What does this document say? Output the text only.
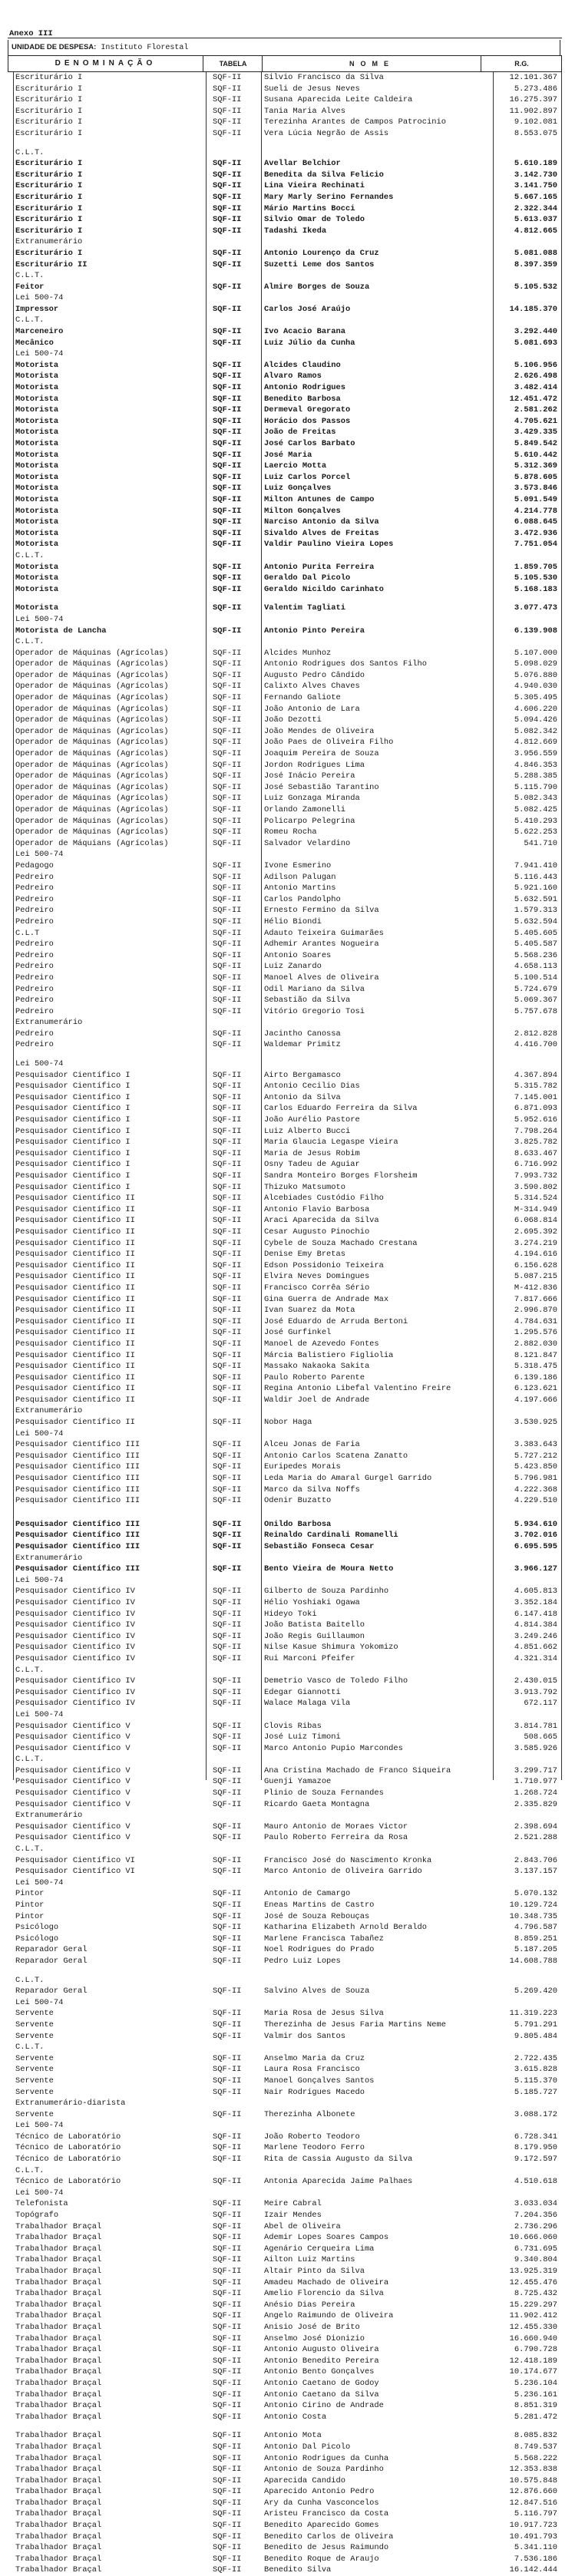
Anexo III
UNIDADE DE DESPESA: Instituto Florestal
DENOMINAÇÃO	TABELA	NOME	R.G.
Escriturário I	SQF-II	Silvio Francisco da Silva	12.101.367
Escriturário I	SQF-II	Sueli de Jesus Neves	5.273.486
Escriturário I	SQF-II	Susana Aparecida Leite Caldeira	16.275.397
Escriturário I	SQF-II	Tania Maria Alves	11.902.897
Escriturário I	SQF-II	Terezinha Arantes de Campos Patrocinio	9.102.081
Escriturário I	SQF-II	Vera Lúcia Negrão de Assis	8.553.075
C.L.T.
Escriturário I	SQF-II	Avellar Belchior	5.610.189
Escriturário I	SQF-II	Benedita da Silva Felicio	3.142.730
Escriturário I	SQF-II	Lina Vieira Rechinati	3.141.750
Escriturário I	SQF-II	Mary Marly Serino Fernandes	5.667.165
Escriturário I	SQF-II	Mário Martins Bocci	2.322.344
Escriturário I	SQF-II	Silvio Omar de Toledo	5.613.037
Escriturário I	SQF-II	Tadashi Ikeda	4.812.665
Extranumerário
Escriturário I	SQF-II	Antonio Lourenço da Cruz	5.081.088
Escriturário II	SQF-II	Suzetti Leme dos Santos	8.397.359
C.L.T.
Feitor	SQF-II	Almire Borges de Souza	5.105.532
Lei 500-74
Impressor	SQF-II	Carlos José Araújo	14.185.370
C.L.T.
Marceneiro	SQF-II	Ivo Acacio Barana	3.292.440
Mecânico	SQF-II	Luiz Júlio da Cunha	5.081.693
Lei 500-74
Motorista	SQF-II	Alcides Claudino	5.106.956
Motorista	SQF-II	Alvaro Ramos	2.626.498
Motorista	SQF-II	Antonio Rodrigues	3.482.414
Motorista	SQF-II	Benedito Barbosa	12.451.472
Motorista	SQF-II	Dermeval Gregorato	2.581.262
Motorista	SQF-II	Horácio dos Passos	4.705.621
Motorista	SQF-II	João de Freitas	3.429.335
Motorista	SQF-II	José Carlos Barbato	5.849.542
Motorista	SQF-II	José Maria	5.610.442
Motorista	SQF-II	Laercio Motta	5.312.369
Motorista	SQF-II	Luiz Carlos Porcel	5.878.605
Motorista	SQF-II	Luiz Gonçalves	3.573.846
Motorista	SQF-II	Milton Antunes de Campo	5.091.549
Motorista	SQF-II	Milton Gonçalves	4.214.778
Motorista	SQF-II	Narciso Antonio da Silva	6.088.645
Motorista	SQF-II	Sivaldo Alves de Freitas	3.472.936
Motorista	SQF-II	Valdir Paulino Vieira Lopes	7.751.054
C.L.T.
Motorista	SQF-II	Antonio Purita Ferreira	1.859.705
Motorista	SQF-II	Geraldo Dal Picolo	5.105.530
Motorista	SQF-II	Geraldo Nicildo Carinhato	5.168.183
Motorista	SQF-II	Valentim Tagliati	3.077.473
Lei 500-74
Motorista de Lancha	SQF-II	Antonio Pinto Pereira	6.139.908
C.L.T.
Operador de Máquinas (Agrícolas)	SQF-II	Alcides Munhoz	5.107.000
Operador de Máquinas (Agrícolas)	SQF-II	Antonio Rodrigues dos Santos Filho	5.098.029
Operador de Máquinas (Agrícolas)	SQF-II	Augusto Pedro Cândido	5.076.880
Operador de Máquinas (Agrícolas)	SQF-II	Calixto Alves Chaves	4.940.030
Operador de Máquinas (Agrícolas)	SQF-II	Fernando Galiote	5.305.495
Operador de Máquinas (Agrícolas)	SQF-II	João Antonio de Lara	4.606.220
Operador de Máquinas (Agrícolas)	SQF-II	João Dezotti	5.094.426
Operador de Máquinas (Agrícolas)	SQF-II	João Mendes de Oliveira	5.082.342
Operador de Máquinas (Agrícolas)	SQF-II	João Paes de Oliveira Filho	4.812.669
Operador de Máquinas (Agrícolas)	SQF-II	Joaquim Pereira de Souza	3.956.559
Operador de Máquinas (Agrícolas)	SQF-II	Jordon Rodrigues Lima	4.846.353
Operador de Máquinas (Agrícolas)	SQF-II	José Inácio Pereira	5.288.385
Operador de Máquinas (Agrícolas)	SQF-II	José Sebastião Tarantino	5.115.790
Operador de Máquinas (Agrícolas)	SQF-II	Luiz Gonzaga Miranda	5.082.343
Operador de Máquinas (Agrícolas)	SQF-II	Orlando Zamonelli	5.082.425
Operador de Máquinas (Agrícolas)	SQF-II	Policarpo Pelegrina	5.410.293
Operador de Máquinas (Agrícolas)	SQF-II	Romeu Rocha	5.622.253
Operador de Máquians (Agrícolas)	SQF-II	Salvador Velardino	541.710
Lei 500-74
Pedagogo	SQF-II	Ivone Esmerino	7.941.410
Pedreiro	SQF-II	Adilson Palugan	5.116.443
Pedreiro	SQF-II	Antonio Martins	5.921.160
Pedreiro	SQF-II	Carlos Pandolpho	5.632.591
Pedreiro	SQF-II	Ernesto Fermino da Silva	1.579.313
Pedreiro	SQF-II	Hélio Biondi	5.632.594
C.L.T	SQF-II	Adauto Teixeira Guimarães	5.405.605
Pedreiro	SQF-II	Adhemir Arantes Nogueira	5.405.587
Pedreiro	SQF-II	Antonio Soares	5.568.236
Pedreiro	SQF-II	Luiz Zanardo	4.658.113
Pedreiro	SQF-II	Manoel Alves de Oliveira	5.100.514
Pedreiro	SQF-II	Odil Mariano da Silva	5.724.679
Pedreiro	SQF-II	Sebastião da Silva	5.069.367
Pedreiro	SQF-II	Vitório Gregorio Tosi	5.757.678
Extranumerário
Pedreiro	SQF-II	Jacintho Canossa	2.812.828
Pedreiro	SQF-II	Waldemar Primitz	4.416.700
Lei 500-74
Pesquisador Científico I	SQF-II	Airto Bergamasco	4.367.894
Pesquisador Científico I	SQF-II	Antonio Cecilio Dias	5.315.782
Pesquisador Científico I	SQF-II	Antonio da Silva	7.145.001
Pesquisador Científico I	SQF-II	Carlos Eduardo Ferreira da Silva	6.871.093
Pesquisador Científico I	SQF-II	João Aurélio Pastore	5.952.616
Pesquisador Científico I	SQF-II	Luiz Alberto Bucci	7.798.264
Pesquisador Científico I	SQF-II	Maria Glaucia Legaspe Vieira	3.825.782
Pesquisador Científico I	SQF-II	Maria de Jesus Robim	8.633.467
Pesquisador Científico I	SQF-II	Osny Tadeu de Aguiar	6.716.992
Pesquisador Científico I	SQF-II	Sandra Monteiro Borges Florsheim	7.993.732
Pesquisador Científico I	SQF-II	Thizuko Matsumoto	3.590.802
Pesquisador Científico II	SQF-II	Alcebiades Custódio Filho	5.314.524
Pesquisador Científico II	SQF-II	Antonio Flavio Barbosa	M-314.949
Pesquisador Científico II	SQF-II	Araci Aparecida da Silva	6.068.814
Pesquisador Científico II	SQF-II	Cesar Augusto Pinochio	2.695.392
Pesquisador Científico II	SQF-II	Cybele de Souza Machado Crestana	3.274.219
Pesquisador Científico II	SQF-II	Denise Emy Bretas	4.194.616
Pesquisador Científico II	SQF-II	Edson Possidonio Teixeira	6.156.628
Pesquisador Científico II	SQF-II	Elvira Neves Domingues	5.087.215
Pesquisador Científico II	SQF-II	Francisco Corrêa Sério	M-412.836
Pesquisador Científico II	SQF-II	Gina Guerra de Andrade Max	7.817.666
Pesquisador Científico II	SQF-II	Ivan Suarez da Mota	2.996.870
Pesquisador Científico II	SQF-II	José Eduardo de Arruda Bertoni	4.784.631
Pesquisador Científico II	SQF-II	José Gurfinkel	1.295.576
Pesquisador Científico II	SQF-II	Manoel de Azevedo Fontes	2.882.030
Pesquisador Científico II	SQF-II	Márcia Balistiero Figliolia	8.121.847
Pesquisador Científico II	SQF-II	Massako Nakaoka Sakita	5.318.475
Pesquisador Científico II	SQF-II	Paulo Roberto Parente	6.139.186
Pesquisador Científico II	SQF-II	Regina Antonio Libefal Valentino Freire	6.123.621
Pesquisador Científico II	SQF-II	Waldir Joel de Andrade	4.197.666
Extranumerário
Pesquisador Científico II	SQF-II	Nobor Haga	3.530.925
Lei 500-74
Pesquisador Científico III	SQF-II	Alceu Jonas de Faria	3.383.643
Pesquisador Científico III	SQF-II	Antonio Carlos Scatena Zanatto	5.727.212
Pesquisador Científico III	SQF-II	Euripedes Morais	5.423.850
Pesquisador Científico III	SQF-II	Leda Maria do Amaral Gurgel Garrido	5.796.981
Pesquisador Científico III	SQF-II	Marco da Silva Noffs	4.222.368
Pesquisador Científico III	SQF-II	Odenir Buzatto	4.229.510
Pesquisador Científico III	SQF-II	Onildo Barbosa	5.934.610
Pesquisador Científico III	SQF-II	Reinaldo Cardinali Romanelli	3.702.016
Pesquisador Científico III	SQF-II	Sebastião Fonseca Cesar	6.695.595
Extranumerário
Pesquisador Científico III	SQF-II	Bento Vieira de Moura Netto	3.966.127
Lei 500-74
Pesquisador Científico IV	SQF-II	Gilberto de Souza Pardinho	4.605.813
Pesquisador Científico IV	SQF-II	Hélio Yoshiaki Ogawa	3.352.184
Pesquisador Científico IV	SQF-II	Hideyo Toki	6.147.418
Pesquisador Científico IV	SQF-II	João Batista Baitello	4.814.384
Pesquisador Científico IV	SQF-II	João Regis Guillaumon	3.249.246
Pesquisador Científico IV	SQF-II	Nilse Kasue Shimura Yokomizo	4.851.662
Pesquisador Científico IV	SQF-II	Rui Marconi Pfeifer	4.321.314
C.L.T.
Pesquisador Científico IV	SQF-II	Demetrio Vasco de Toledo Filho	2.430.015
Pesquisador Científico IV	SQF-II	Edegar Giannotti	3.913.792
Pesquisador Científico IV	SQF-II	Walace Malaga Vila	672.117
Lei 500-74
Pesquisador Científico V	SQF-II	Clovis Ribas	3.814.781
Pesquisador Científico V	SQF-II	José Luiz Timoni	508.665
Pesquisador Científico V	SQF-II	Marco Antonio Pupio Marcondes	3.585.926
C.L.T.
Pesquisador Científico V	SQF-II	Ana Cristina Machado de Franco Siqueira	3.299.717
Pesquisador Científico V	SQF-II	Guenji Yamazoe	1.710.977
Pesquisador Científico V	SQF-II	Plinio de Souza Fernandes	1.268.724
Pesquisador Científico V	SQF-II	Ricardo Gaeta Montagna	2.335.829
Extranumerário
Pesquisador Científico V	SQF-II	Mauro Antonio de Moraes Victor	2.398.694
Pesquisador Científico V	SQF-II	Paulo Roberto Ferreira da Rosa	2.521.288
C.L.T.
Pesquisador Científico VI	SQF-II	Francisco José do Nascimento Kronka	2.843.706
Pesquisador Científico VI	SQF-II	Marco Antonio de Oliveira Garrido	3.137.157
Lei 500-74
Pintor	SQF-II	Antonio de Camargo	5.070.132
Pintor	SQF-II	Eneas Martins de Castro	10.129.724
Pintor	SQF-II	José de Souza Rebouças	10.348.735
Psicólogo	SQF-II	Katharina Elizabeth Arnold Beraldo	4.796.587
Psicólogo	SQF-II	Marlene Francisca Tabañez	8.859.251
Reparador Geral	SQF-II	Noel Rodrigues do Prado	5.187.205
Reparador Geral	SQF-II	Pedro Luiz Lopes	14.608.788
C.L.T.
Reparador Geral	SQF-II	Salvino Alves de Souza	5.269.420
Lei 500-74
Servente	SQF-II	Maria Rosa de Jesus Silva	11.319.223
Servente	SQF-II	Therezinha de Jesus Faria Martins Neme	5.791.291
Servente	SQF-II	Valmir dos Santos	9.805.484
C.L.T.
Servente	SQF-II	Anselmo Maria da Cruz	2.722.435
Servente	SQF-II	Laura Rosa Francisco	3.615.828
Servente	SQF-II	Manoel Gonçalves Santos	5.115.370
Servente	SQF-II	Nair Rodrigues Macedo	5.185.727
Extranumerário-diarista
Servente	SQF-II	Therezinha Albonete	3.088.172
Lei 500-74
Técnico de Laboratório	SQF-II	João Roberto Teodoro	6.728.341
Técnico de Laboratório	SQF-II	Marlene Teodoro Ferro	8.179.950
Técnico de Laboratório	SQF-II	Rita de Cassia Augusto da Silva	9.172.597
C.L.T.
Técnico de Laboratório	SQF-II	Antonia Aparecida Jaime Palhaes	4.510.618
Lei 500-74
Telefonista	SQF-II	Meire Cabral	3.033.034
Topógrafo	SQF-II	Izair Mendes	7.204.356
Trabalhador Braçal	SQF-II	Abel de Oliveira	2.736.296
Trabalhador Braçal	SQF-II	Ademir Lopes Soares Campos	10.666.060
Trabalhador Braçal	SQF-II	Agenário Cerqueira Lima	6.731.695
Trabalhador Braçal	SQF-II	Ailton Luiz Martins	9.340.804
Trabalhador Braçal	SQF-II	Altair Pinto da Silva	13.925.319
Trabalhador Braçal	SQF-II	Amadeu Machado de Oliveira	12.455.476
Trabalhador Braçal	SQF-II	Amelio Florencio da Silva	8.725.432
Trabalhador Braçal	SQF-II	Anésio Dias Pereira	15.229.297
Trabalhador Braçal	SQF-II	Angelo Raimundo de Oliveira	11.902.412
Trabalhador Braçal	SQF-II	Anisio José de Brito	12.455.330
Trabalhador Braçal	SQF-II	Anselmo José Dionizio	16.660.940
Trabalhador Braçal	SQF-II	Antonio Augusto Oliveira	6.790.728
Trabalhador Braçal	SQF-II	Antonio Benedito Pereira	12.418.189
Trabalhador Braçal	SQF-II	Antonio Bento Gonçalves	10.174.677
Trabalhador Braçal	SQF-II	Antonio Caetano de Godoy	5.236.104
Trabalhador Braçal	SQF-II	Antonio Caetano da Silva	5.236.161
Trabalhador Braçal	SQF-II	Antonio Cirino de Andrade	8.851.319
Trabalhador Braçal	SQF-II	Antonio Costa	5.281.472
Trabalhador Braçal	SQF-II	Antonio Mota	8.085.832
Trabalhador Braçal	SQF-II	Antonio Dal Picolo	8.749.537
Trabalhador Braçal	SQF-II	Antonio Rodrigues da Cunha	5.568.222
Trabalhador Braçal	SQF-II	Antonio de Souza Pardinho	12.353.838
Trabalhador Braçal	SQF-II	Aparecida Candido	10.575.848
Trabalhador Braçal	SQF-II	Aparecido Antonio Pedro	12.876.660
Trabalhador Braçal	SQF-II	Ary da Cunha Vasconcelos	12.847.516
Trabalhador Braçal	SQF-II	Aristeu Francisco da Costa	5.116.797
Trabalhador Braçal	SQF-II	Benedito Aparecido Gomes	10.917.723
Trabalhador Braçal	SQF-II	Benedito Carlos de Oliveira	10.491.793
Trabalhador Braçal	SQF-II	Benedito de Jesus Raimundo	5.341.110
Trabalhador Braçal	SQF-II	Benedito Roque de Araujo	7.536.186
Trabalhador Braçal	SQF-II	Benedito Silva	16.142.444
